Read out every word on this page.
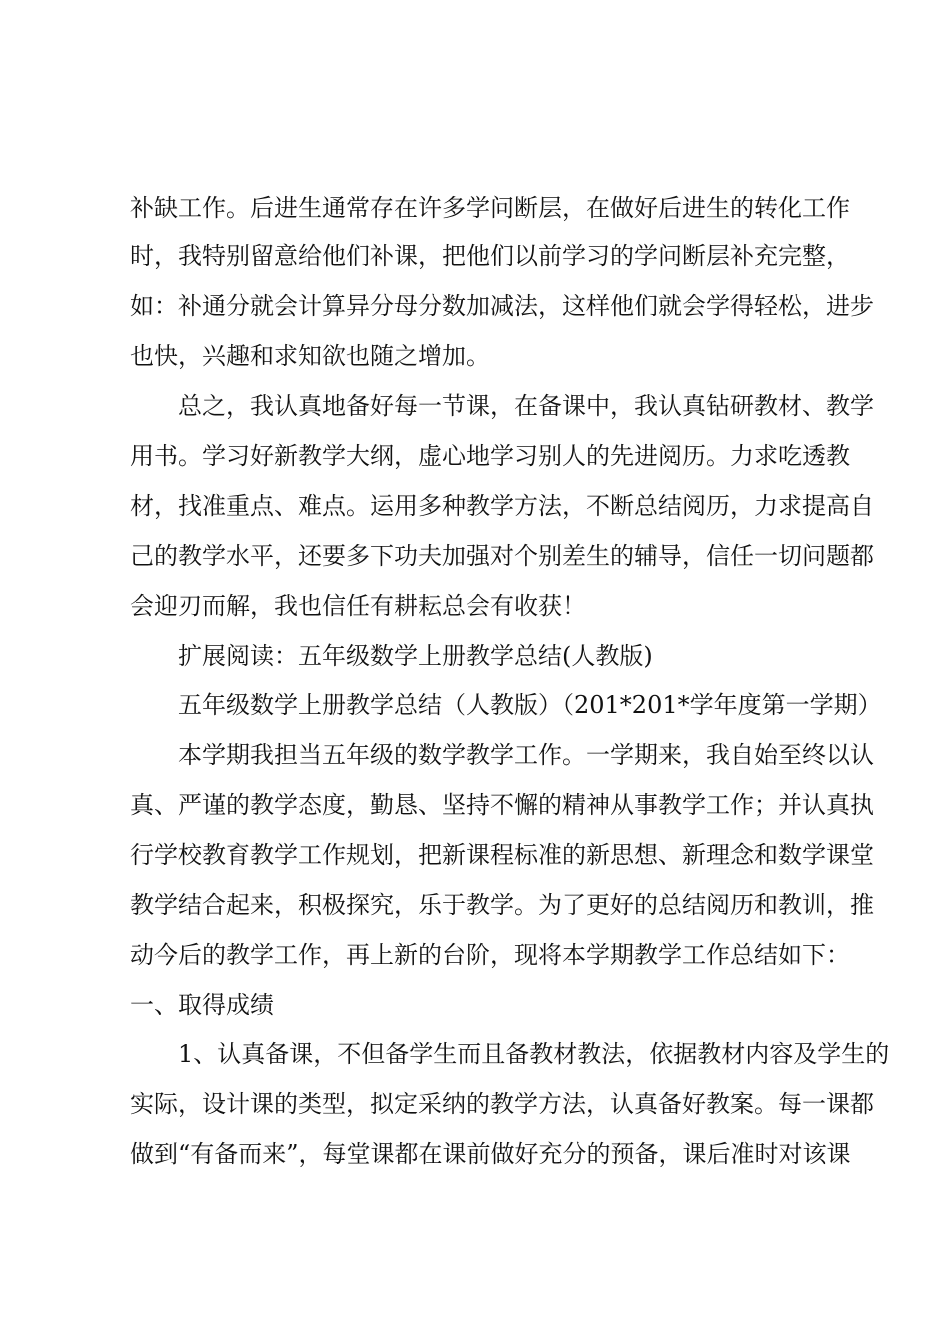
补缺工作。后进生通常存在许多学问断层，在做好后进生的转化工作
时，我特别留意给他们补课，把他们以前学习的学问断层补充完整，
如：补通分就会计算异分母分数加减法，这样他们就会学得轻松，进步
也快，兴趣和求知欲也随之增加。
总之，我认真地备好每一节课，在备课中，我认真钻研教材、教学
用书。学习好新教学大纲，虚心地学习别人的先进阅历。力求吃透教
材，找准重点、难点。运用多种教学方法，不断总结阅历，力求提高自
己的教学水平，还要多下功夫加强对个别差生的辅导，信任一切问题都
会迎刃而解，我也信任有耕耘总会有收获！
扩展阅读：五年级数学上册教学总结(人教版)
五年级数学上册教学总结（人教版）（201*201*学年度第一学期）
本学期我担当五年级的数学教学工作。一学期来，我自始至终以认
真、严谨的教学态度，勤恳、坚持不懈的精神从事教学工作；并认真执
行学校教育教学工作规划，把新课程标准的新思想、新理念和数学课堂
教学结合起来，积极探究，乐于教学。为了更好的总结阅历和教训，推
动今后的教学工作，再上新的台阶，现将本学期教学工作总结如下：
一、取得成绩
1、认真备课，不但备学生而且备教材教法，依据教材内容及学生的
实际，设计课的类型，拟定采纳的教学方法，认真备好教案。每一课都
做到“有备而来”，每堂课都在课前做好充分的预备，课后准时对该课
